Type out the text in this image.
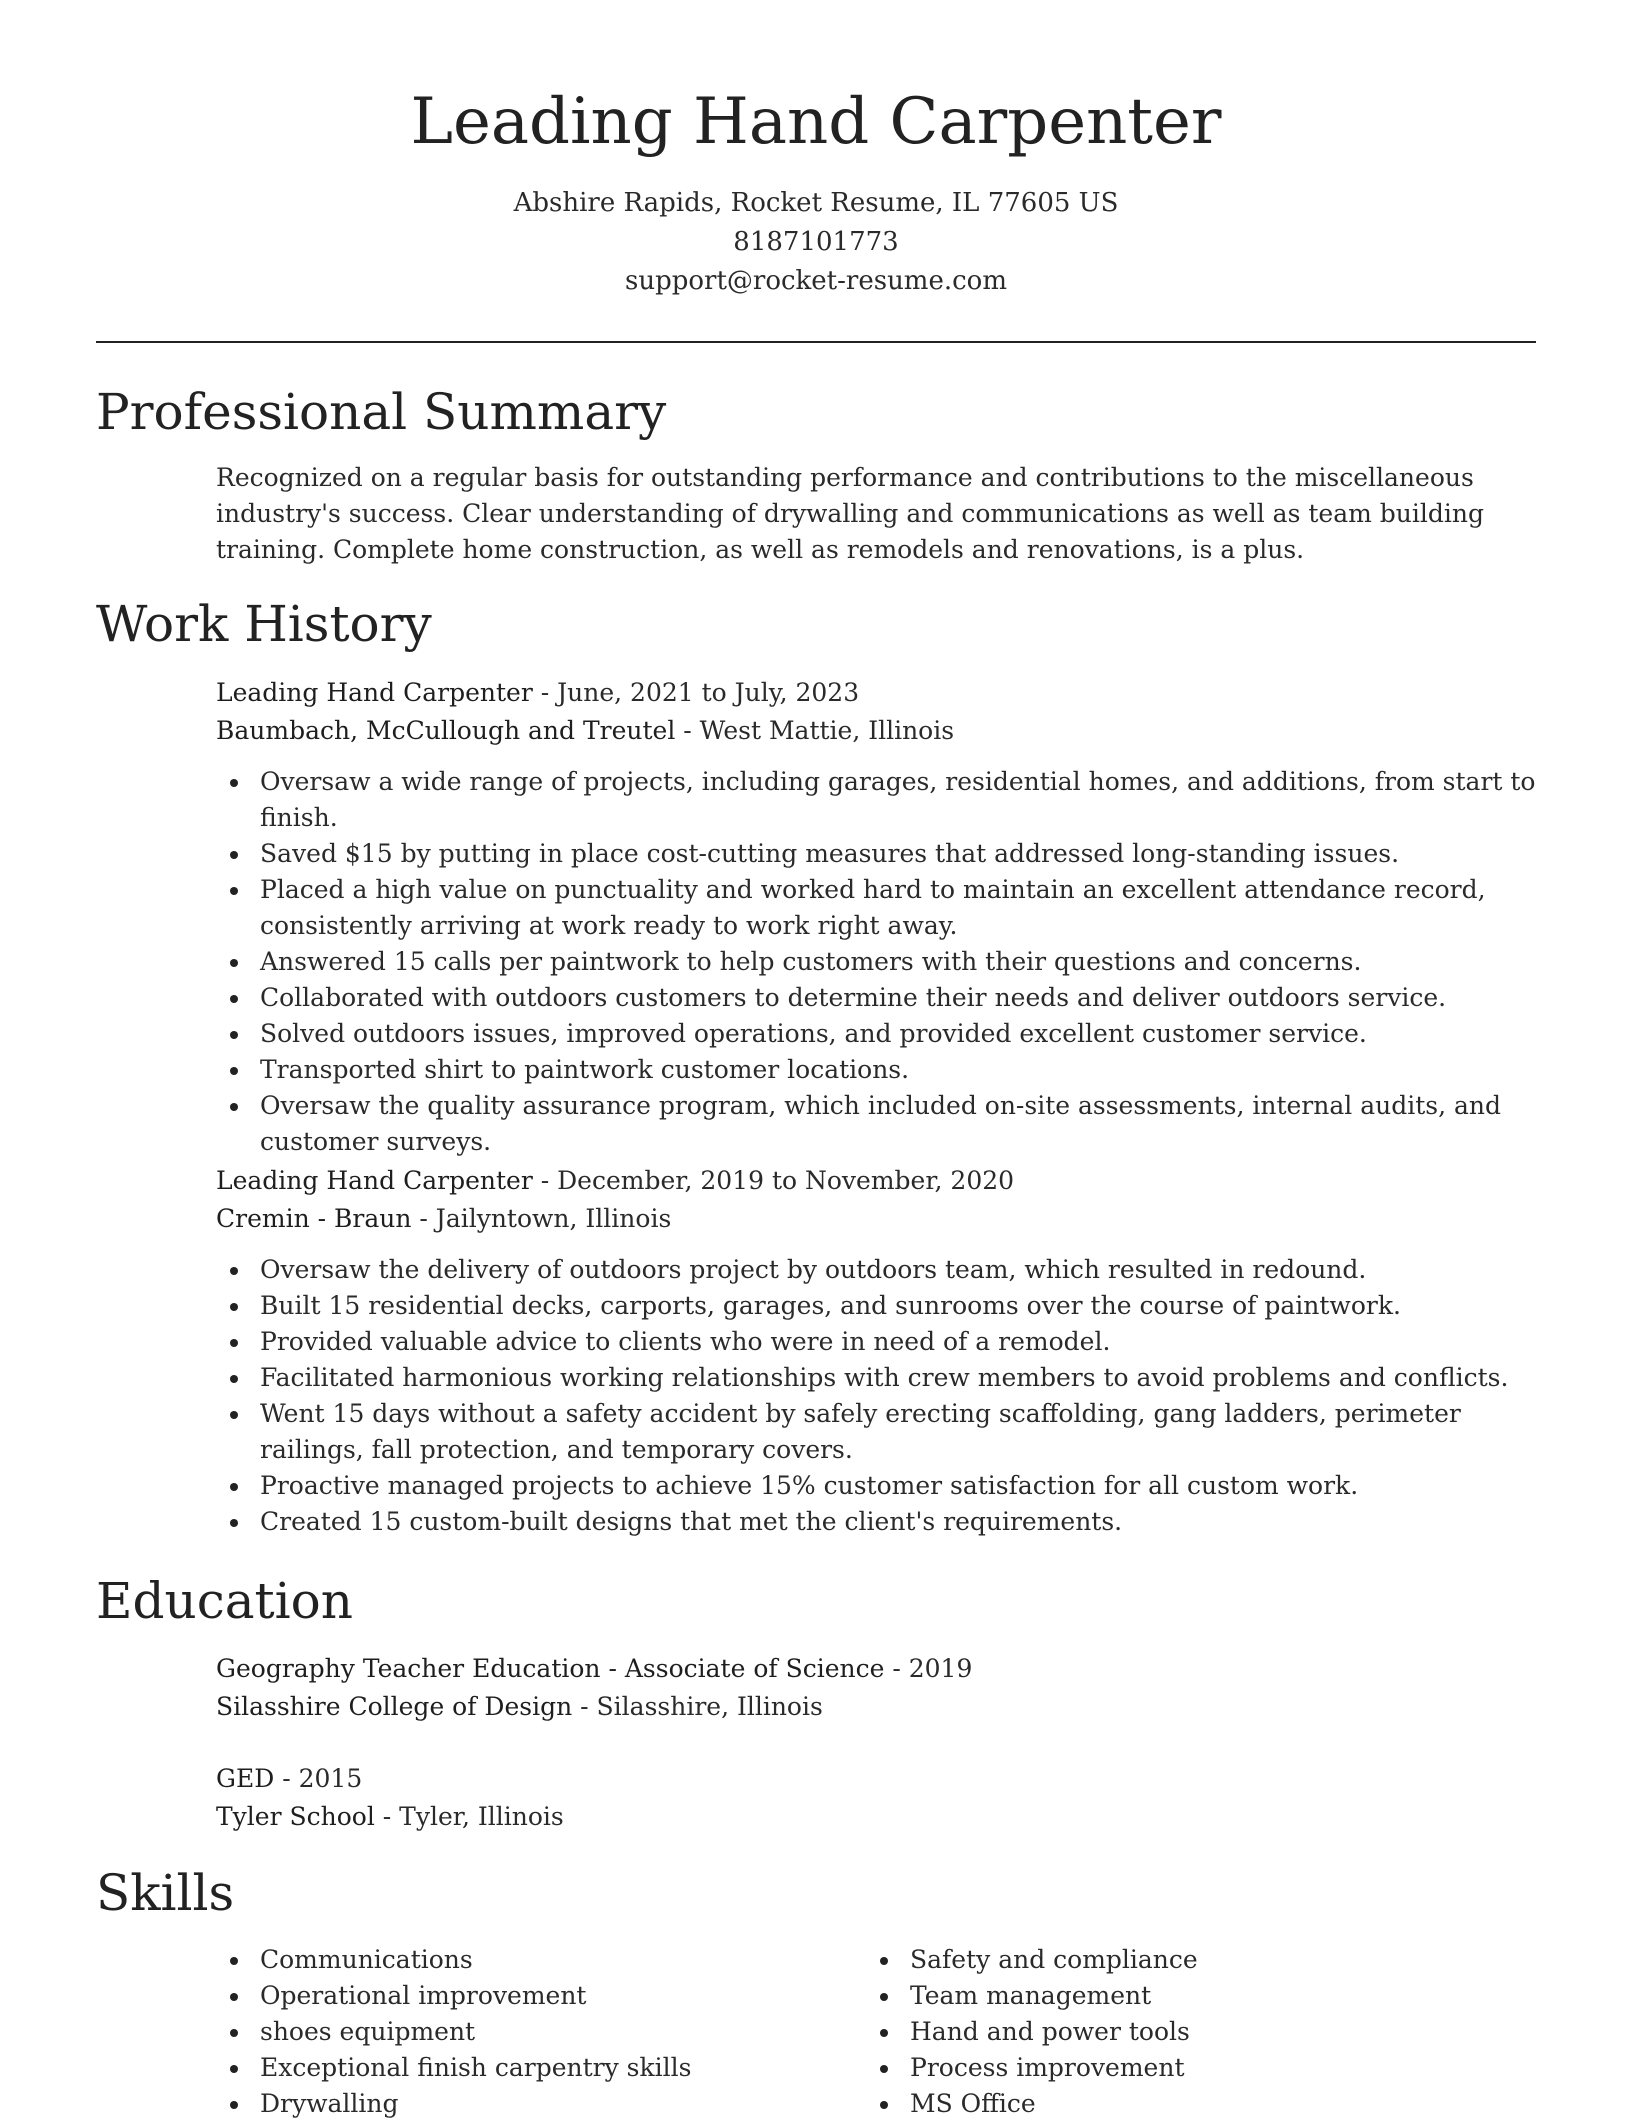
Leading Hand Carpenter
Abshire Rapids, Rocket Resume, IL 77605 US
8187101773
support@rocket-resume.com
Professional Summary

Recognized on a regular basis for outstanding performance and contributions to the miscellaneous industry's success. Clear understanding of drywalling and communications as well as team building training. Complete home construction, as well as remodels and renovations, is a plus.

Work History

Leading Hand Carpenter - June, 2021 to July, 2023

Baumbach, McCullough and Treutel - West Mattie, Illinois

Oversaw a wide range of projects, including garages, residential homes, and additions, from start to finish.
Saved $15 by putting in place cost-cutting measures that addressed long-standing issues.
Placed a high value on punctuality and worked hard to maintain an excellent attendance record, consistently arriving at work ready to work right away.
Answered 15 calls per paintwork to help customers with their questions and concerns.
Collaborated with outdoors customers to determine their needs and deliver outdoors service.
Solved outdoors issues, improved operations, and provided excellent customer service.
Transported shirt to paintwork customer locations.
Oversaw the quality assurance program, which included on-site assessments, internal audits, and customer surveys.

Leading Hand Carpenter - December, 2019 to November, 2020

Cremin - Braun - Jailyntown, Illinois

Oversaw the delivery of outdoors project by outdoors team, which resulted in redound.
Built 15 residential decks, carports, garages, and sunrooms over the course of paintwork.
Provided valuable advice to clients who were in need of a remodel.
Facilitated harmonious working relationships with crew members to avoid problems and conflicts.
Went 15 days without a safety accident by safely erecting scaffolding, gang ladders, perimeter railings, fall protection, and temporary covers.
Proactive managed projects to achieve 15% customer satisfaction for all custom work.
Created 15 custom-built designs that met the client's requirements.
Education

Geography Teacher Education - Associate of Science - 2019

Silasshire College of Design - Silasshire, Illinois

GED - 2015

Tyler School - Tyler, Illinois

Skills
Communications
Operational improvement
shoes equipment
Exceptional finish carpentry skills
Drywalling
Safety and compliance
Team management
Hand and power tools
Process improvement
MS Office
